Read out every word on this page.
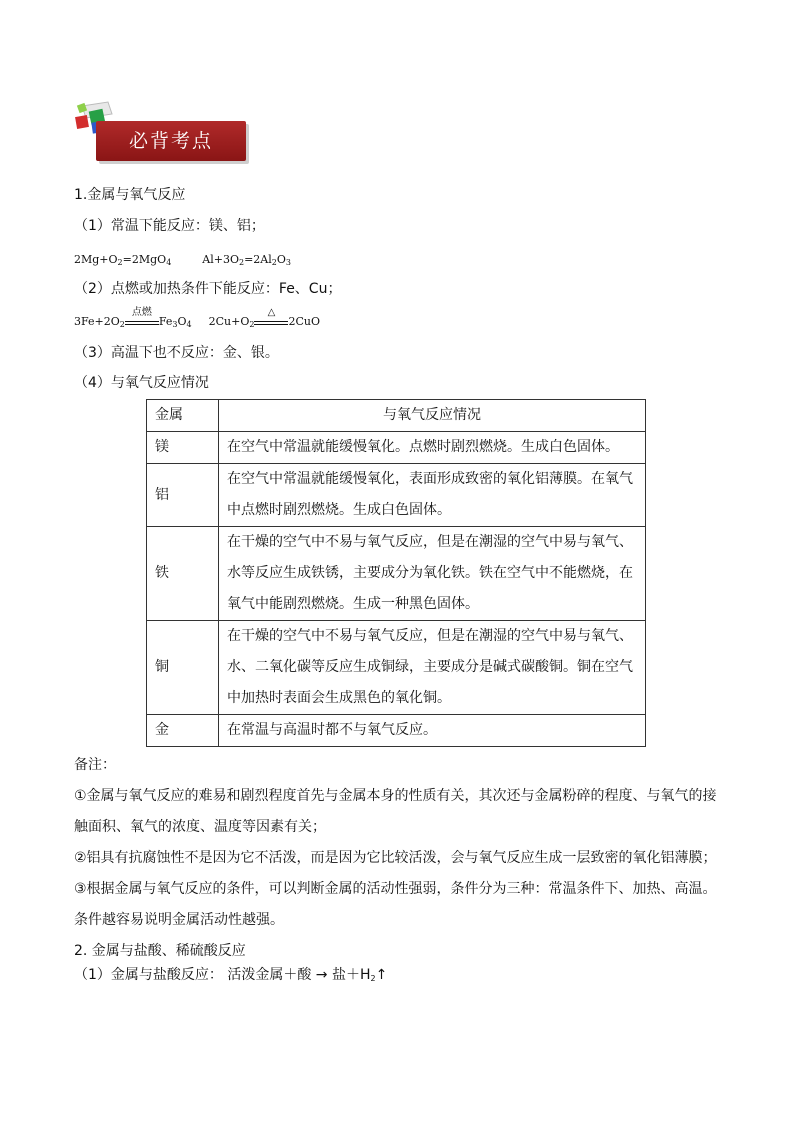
必背考点
1.金属与氧气反应
（1）常温下能反应：镁、铝；
$2Mg+O_2=2MgO_4$	$Al+3O_2=2Al_2O_3$
（2）点燃或加热条件下能反应：Fe、Cu；
$3Fe+2O_2$
点燃
$Fe_3O_4$ $2Cu+O_2$
△
2CuO
（3）高温下也不反应：金、银。
（4）与氧气反应情况
金属	与氧气反应情况
镁	在空气中常温就能缓慢氧化。点燃时剧烈燃烧。生成白色固体。
铝	在空气中常温就能缓慢氧化，表面形成致密的氧化铝薄膜。在氧气中点燃时剧烈燃烧。生成白色固体。
铁	在干燥的空气中不易与氧气反应，但是在潮湿的空气中易与氧气、水等反应生成铁锈，主要成分为氧化铁。铁在空气中不能燃烧，在氧气中能剧烈燃烧。生成一种黑色固体。
铜	在干燥的空气中不易与氧气反应，但是在潮湿的空气中易与氧气、水、二氧化碳等反应生成铜绿，主要成分是碱式碳酸铜。铜在空气中加热时表面会生成黑色的氧化铜。
金	在常温与高温时都不与氧气反应。
备注：
①金属与氧气反应的难易和剧烈程度首先与金属本身的性质有关，其次还与金属粉碎的程度、与氧气的接
触面积、氧气的浓度、温度等因素有关；
②铝具有抗腐蚀性不是因为它不活泼，而是因为它比较活泼，会与氧气反应生成一层致密的氧化铝薄膜；
③根据金属与氧气反应的条件，可以判断金属的活动性强弱，条件分为三种：常温条件下、加热、高温。
条件越容易说明金属活动性越强。
2. 金属与盐酸、稀硫酸反应
（1）金属与盐酸反应： 活泼金属＋酸 → 盐$+H_2↑$
